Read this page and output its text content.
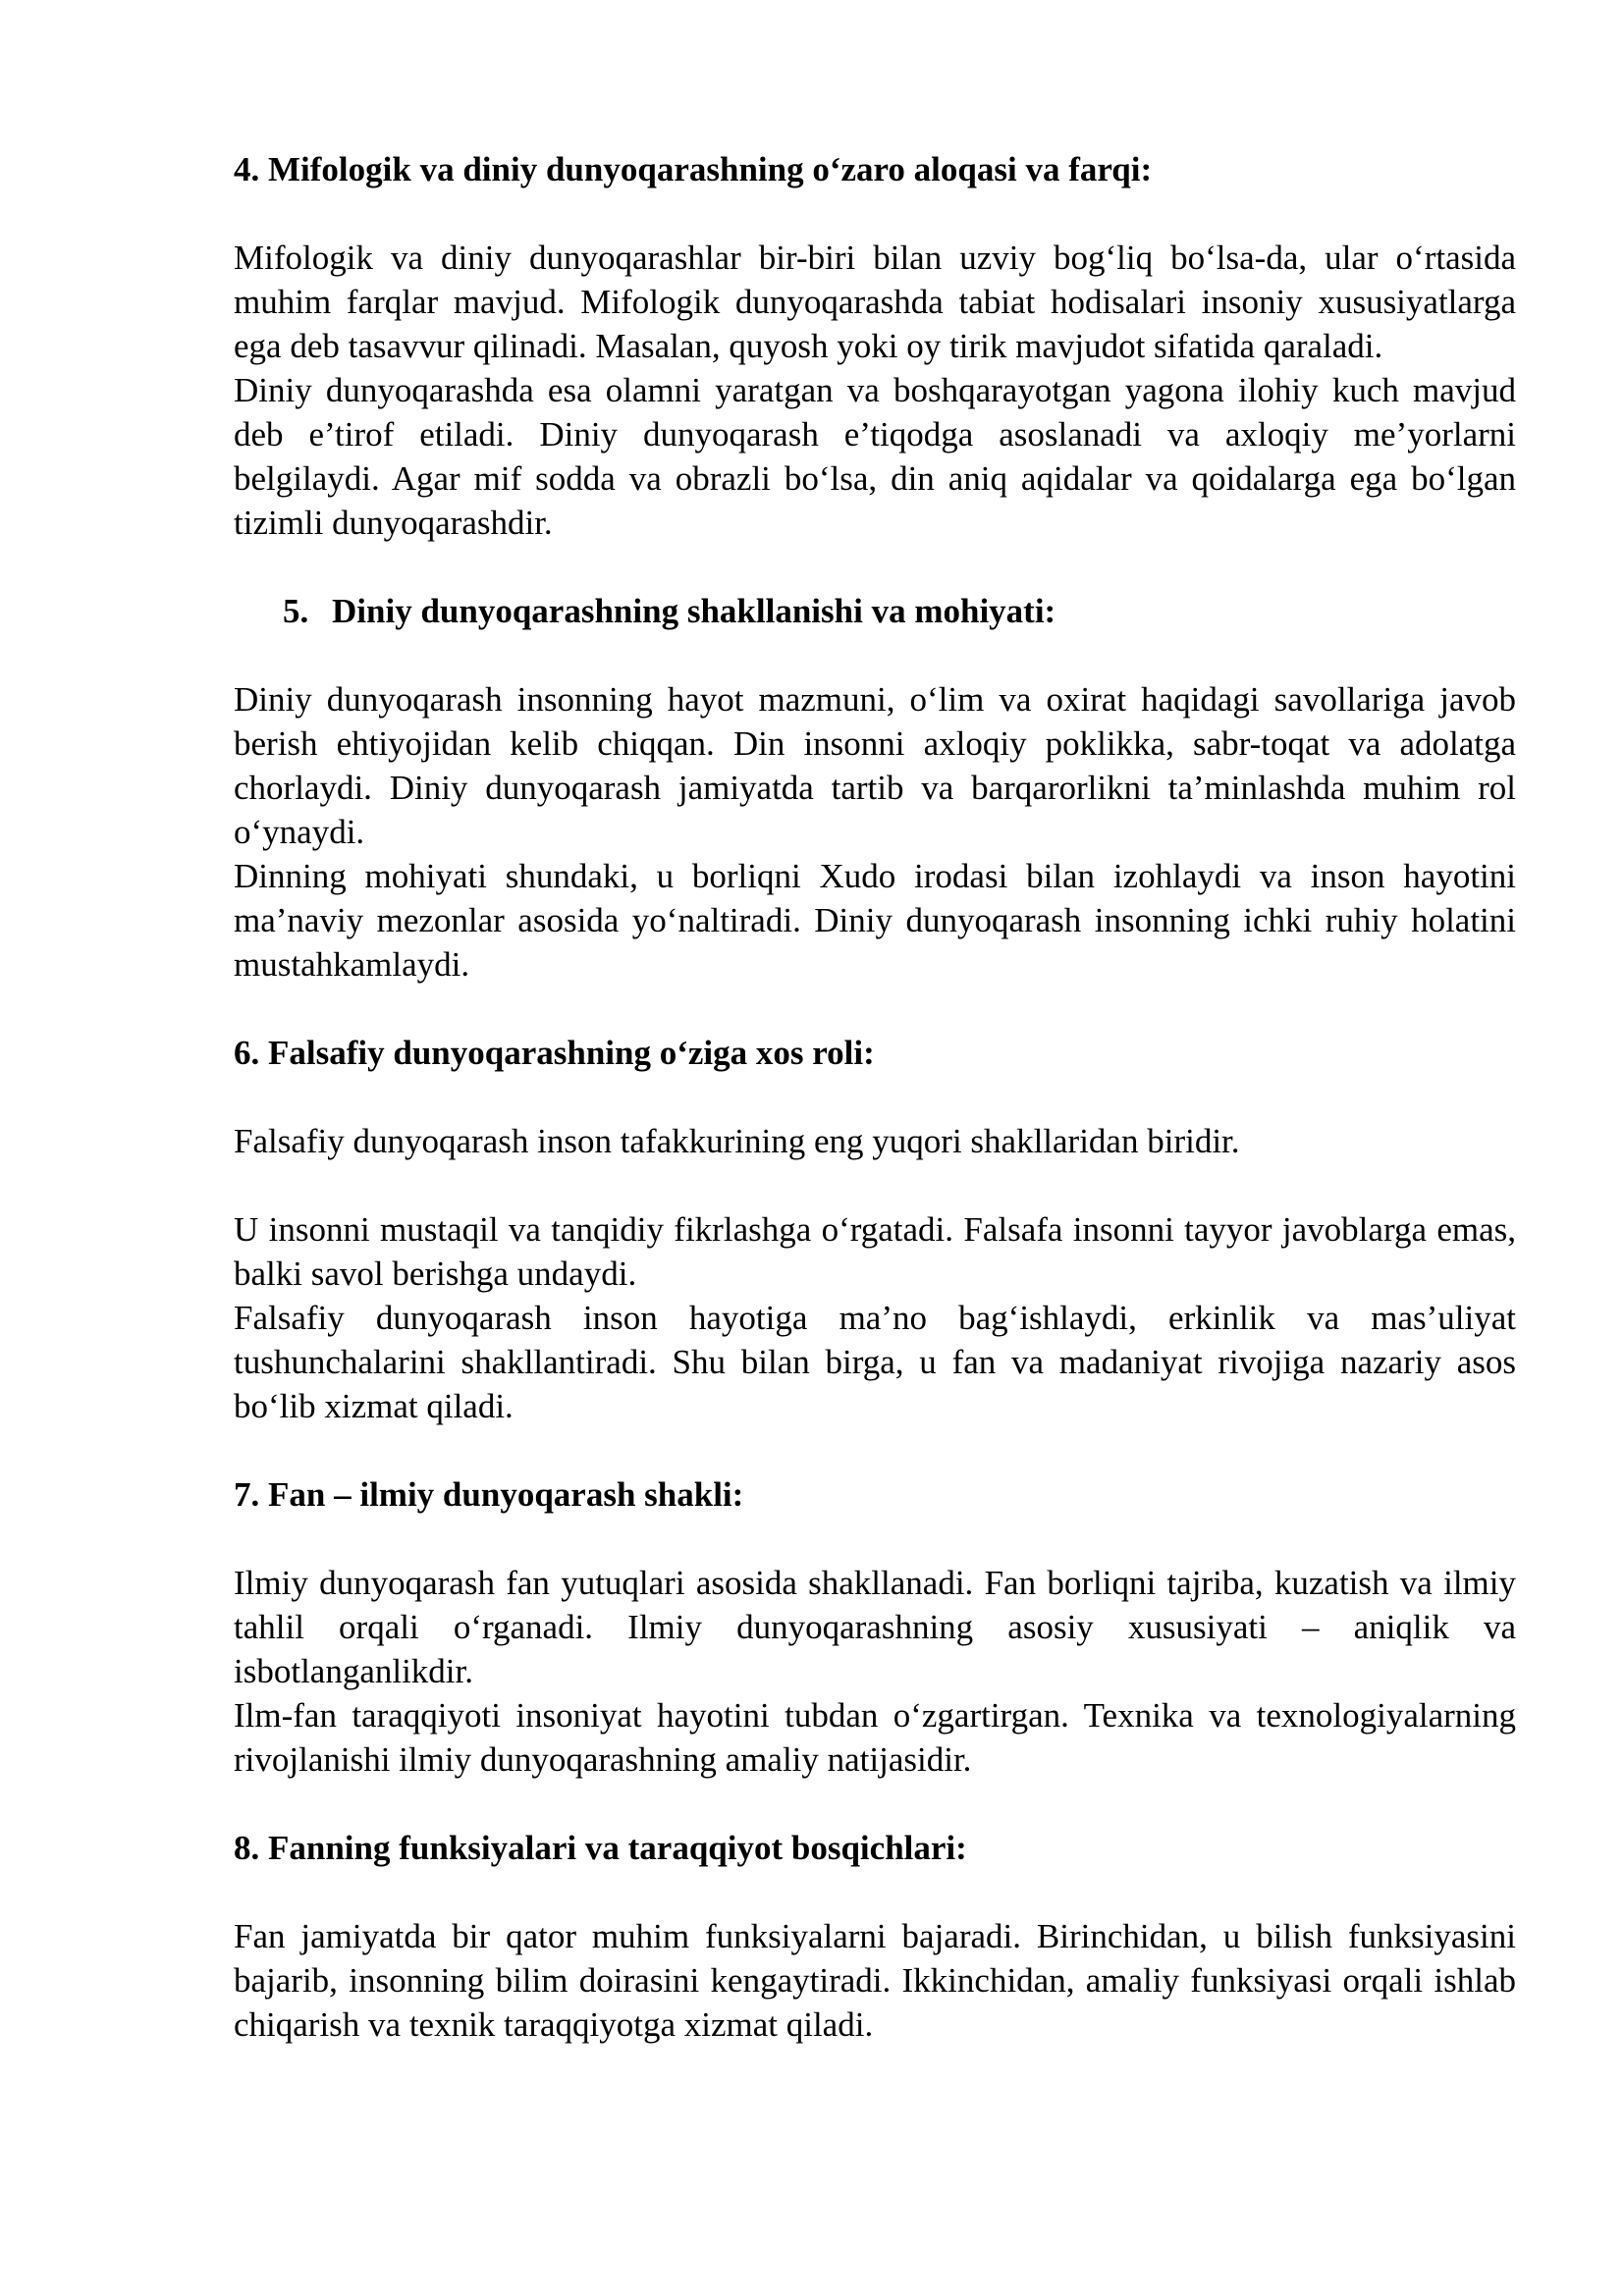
4. Mifologik va diniy dunyoqarashning o‘zaro aloqasi va farqi:

Mifologik va diniy dunyoqarashlar bir-biri bilan uzviy bog‘liq bo‘lsa-da, ular o‘rtasida muhim farqlar mavjud. Mifologik dunyoqarashda tabiat hodisalari insoniy xususiyatlarga ega deb tasavvur qilinadi. Masalan, quyosh yoki oy tirik mavjudot sifatida qaraladi.

Diniy dunyoqarashda esa olamni yaratgan va boshqarayotgan yagona ilohiy kuch mavjud deb e’tirof etiladi. Diniy dunyoqarash e’tiqodga asoslanadi va axloqiy me’yorlarni belgilaydi. Agar mif sodda va obrazli bo‘lsa, din aniq aqidalar va qoidalarga ega bo‘lgan tizimli dunyoqarashdir.

5. Diniy dunyoqarashning shakllanishi va mohiyati:

Diniy dunyoqarash insonning hayot mazmuni, o‘lim va oxirat haqidagi savollariga javob berish ehtiyojidan kelib chiqqan. Din insonni axloqiy poklikka, sabr-toqat va adolatga chorlaydi. Diniy dunyoqarash jamiyatda tartib va barqarorlikni ta’minlashda muhim rol o‘ynaydi.

Dinning mohiyati shundaki, u borliqni Xudo irodasi bilan izohlaydi va inson hayotini ma’naviy mezonlar asosida yo‘naltiradi. Diniy dunyoqarash insonning ichki ruhiy holatini mustahkamlaydi.

6. Falsafiy dunyoqarashning o‘ziga xos roli:

Falsafiy dunyoqarash inson tafakkurining eng yuqori shakllaridan biridir.

U insonni mustaqil va tanqidiy fikrlashga o‘rgatadi. Falsafa insonni tayyor javoblarga emas, balki savol berishga undaydi.

Falsafiy dunyoqarash inson hayotiga ma’no bag‘ishlaydi, erkinlik va mas’uliyat tushunchalarini shakllantiradi. Shu bilan birga, u fan va madaniyat rivojiga nazariy asos bo‘lib xizmat qiladi.

7. Fan – ilmiy dunyoqarash shakli:

Ilmiy dunyoqarash fan yutuqlari asosida shakllanadi. Fan borliqni tajriba, kuzatish va ilmiy tahlil orqali o‘rganadi. Ilmiy dunyoqarashning asosiy xususiyati – aniqlik va isbotlanganlikdir.

Ilm-fan taraqqiyoti insoniyat hayotini tubdan o‘zgartirgan. Texnika va texnologiyalarning rivojlanishi ilmiy dunyoqarashning amaliy natijasidir.

8. Fanning funksiyalari va taraqqiyot bosqichlari:

Fan jamiyatda bir qator muhim funksiyalarni bajaradi. Birinchidan, u bilish funksiyasini bajarib, insonning bilim doirasini kengaytiradi. Ikkinchidan, amaliy funksiyasi orqali ishlab chiqarish va texnik taraqqiyotga xizmat qiladi.
